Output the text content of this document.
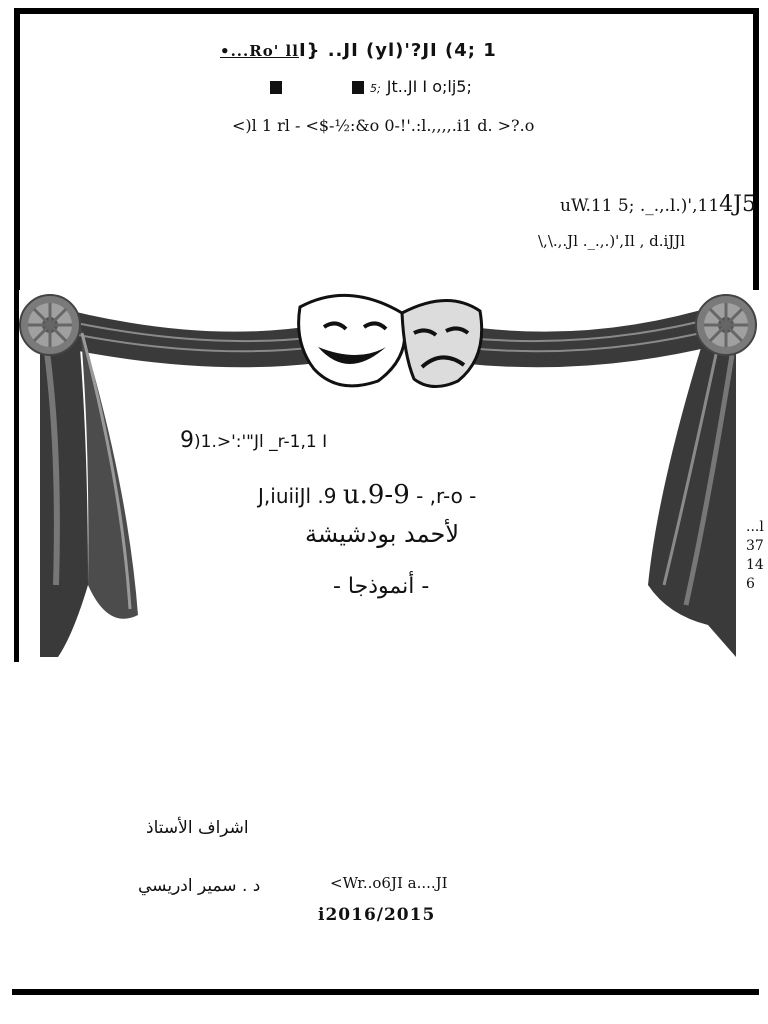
•...Ro' llI} ..JI (yl)'?JI (4; 1
5; Jt..JI I o;lj5;
<)l 1 rl - <$-½:&o 0-!'.:l.,,,,.i1 d. >?.o
uW.11 5; ._.,.l.)',114J5
\,\.,.Jl ._.,.)',Il , d.iJJl
9)1.>':'"Jl _r-1,1 I
J,iuiiJl .9 u.9-9 - ,r-o -
لأحمد بودشيشة
- أنموذجا -
...l
37
14
6
اشراف الأستاذ
د . سمير ادريسي	<Wr..o6JI a....JI
i2016/2015
